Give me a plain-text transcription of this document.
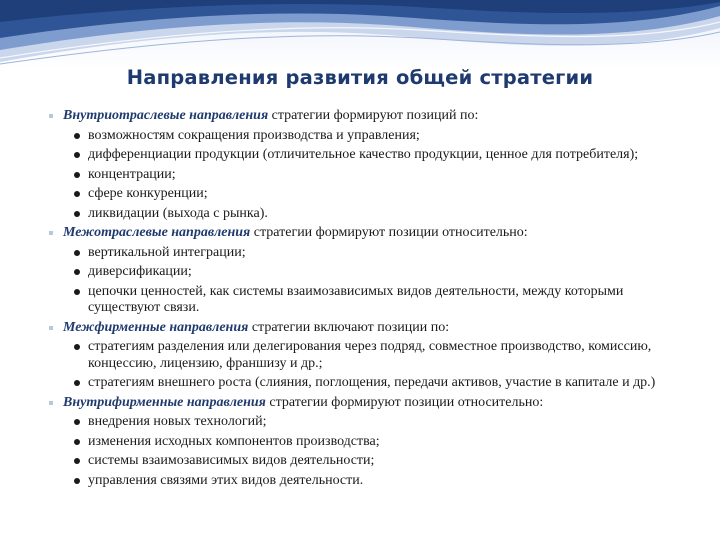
Направления развития общей стратегии
Внутриотраслевые направления стратегии формируют позиций по:
возможностям сокращения производства и управления;
дифференциации продукции (отличительное качество продукции, ценное для потребителя);
концентрации;
сфере конкуренции;
ликвидации (выхода с рынка).
Межотраслевые направления стратегии формируют позиции относительно:
вертикальной интеграции;
диверсификации;
цепочки ценностей, как системы взаимозависимых видов деятельности, между которыми существуют связи.
Межфирменные направления стратегии включают позиции по:
стратегиям разделения или делегирования через подряд, совместное производство, комиссию, концессию, лицензию, франшизу и др.;
стратегиям внешнего роста (слияния, поглощения, передачи активов, участие в капитале и др.)
Внутрифирменные направления стратегии формируют позиции относительно:
внедрения новых технологий;
изменения исходных компонентов производства;
системы взаимозависимых видов деятельности;
управления связями этих видов деятельности.
